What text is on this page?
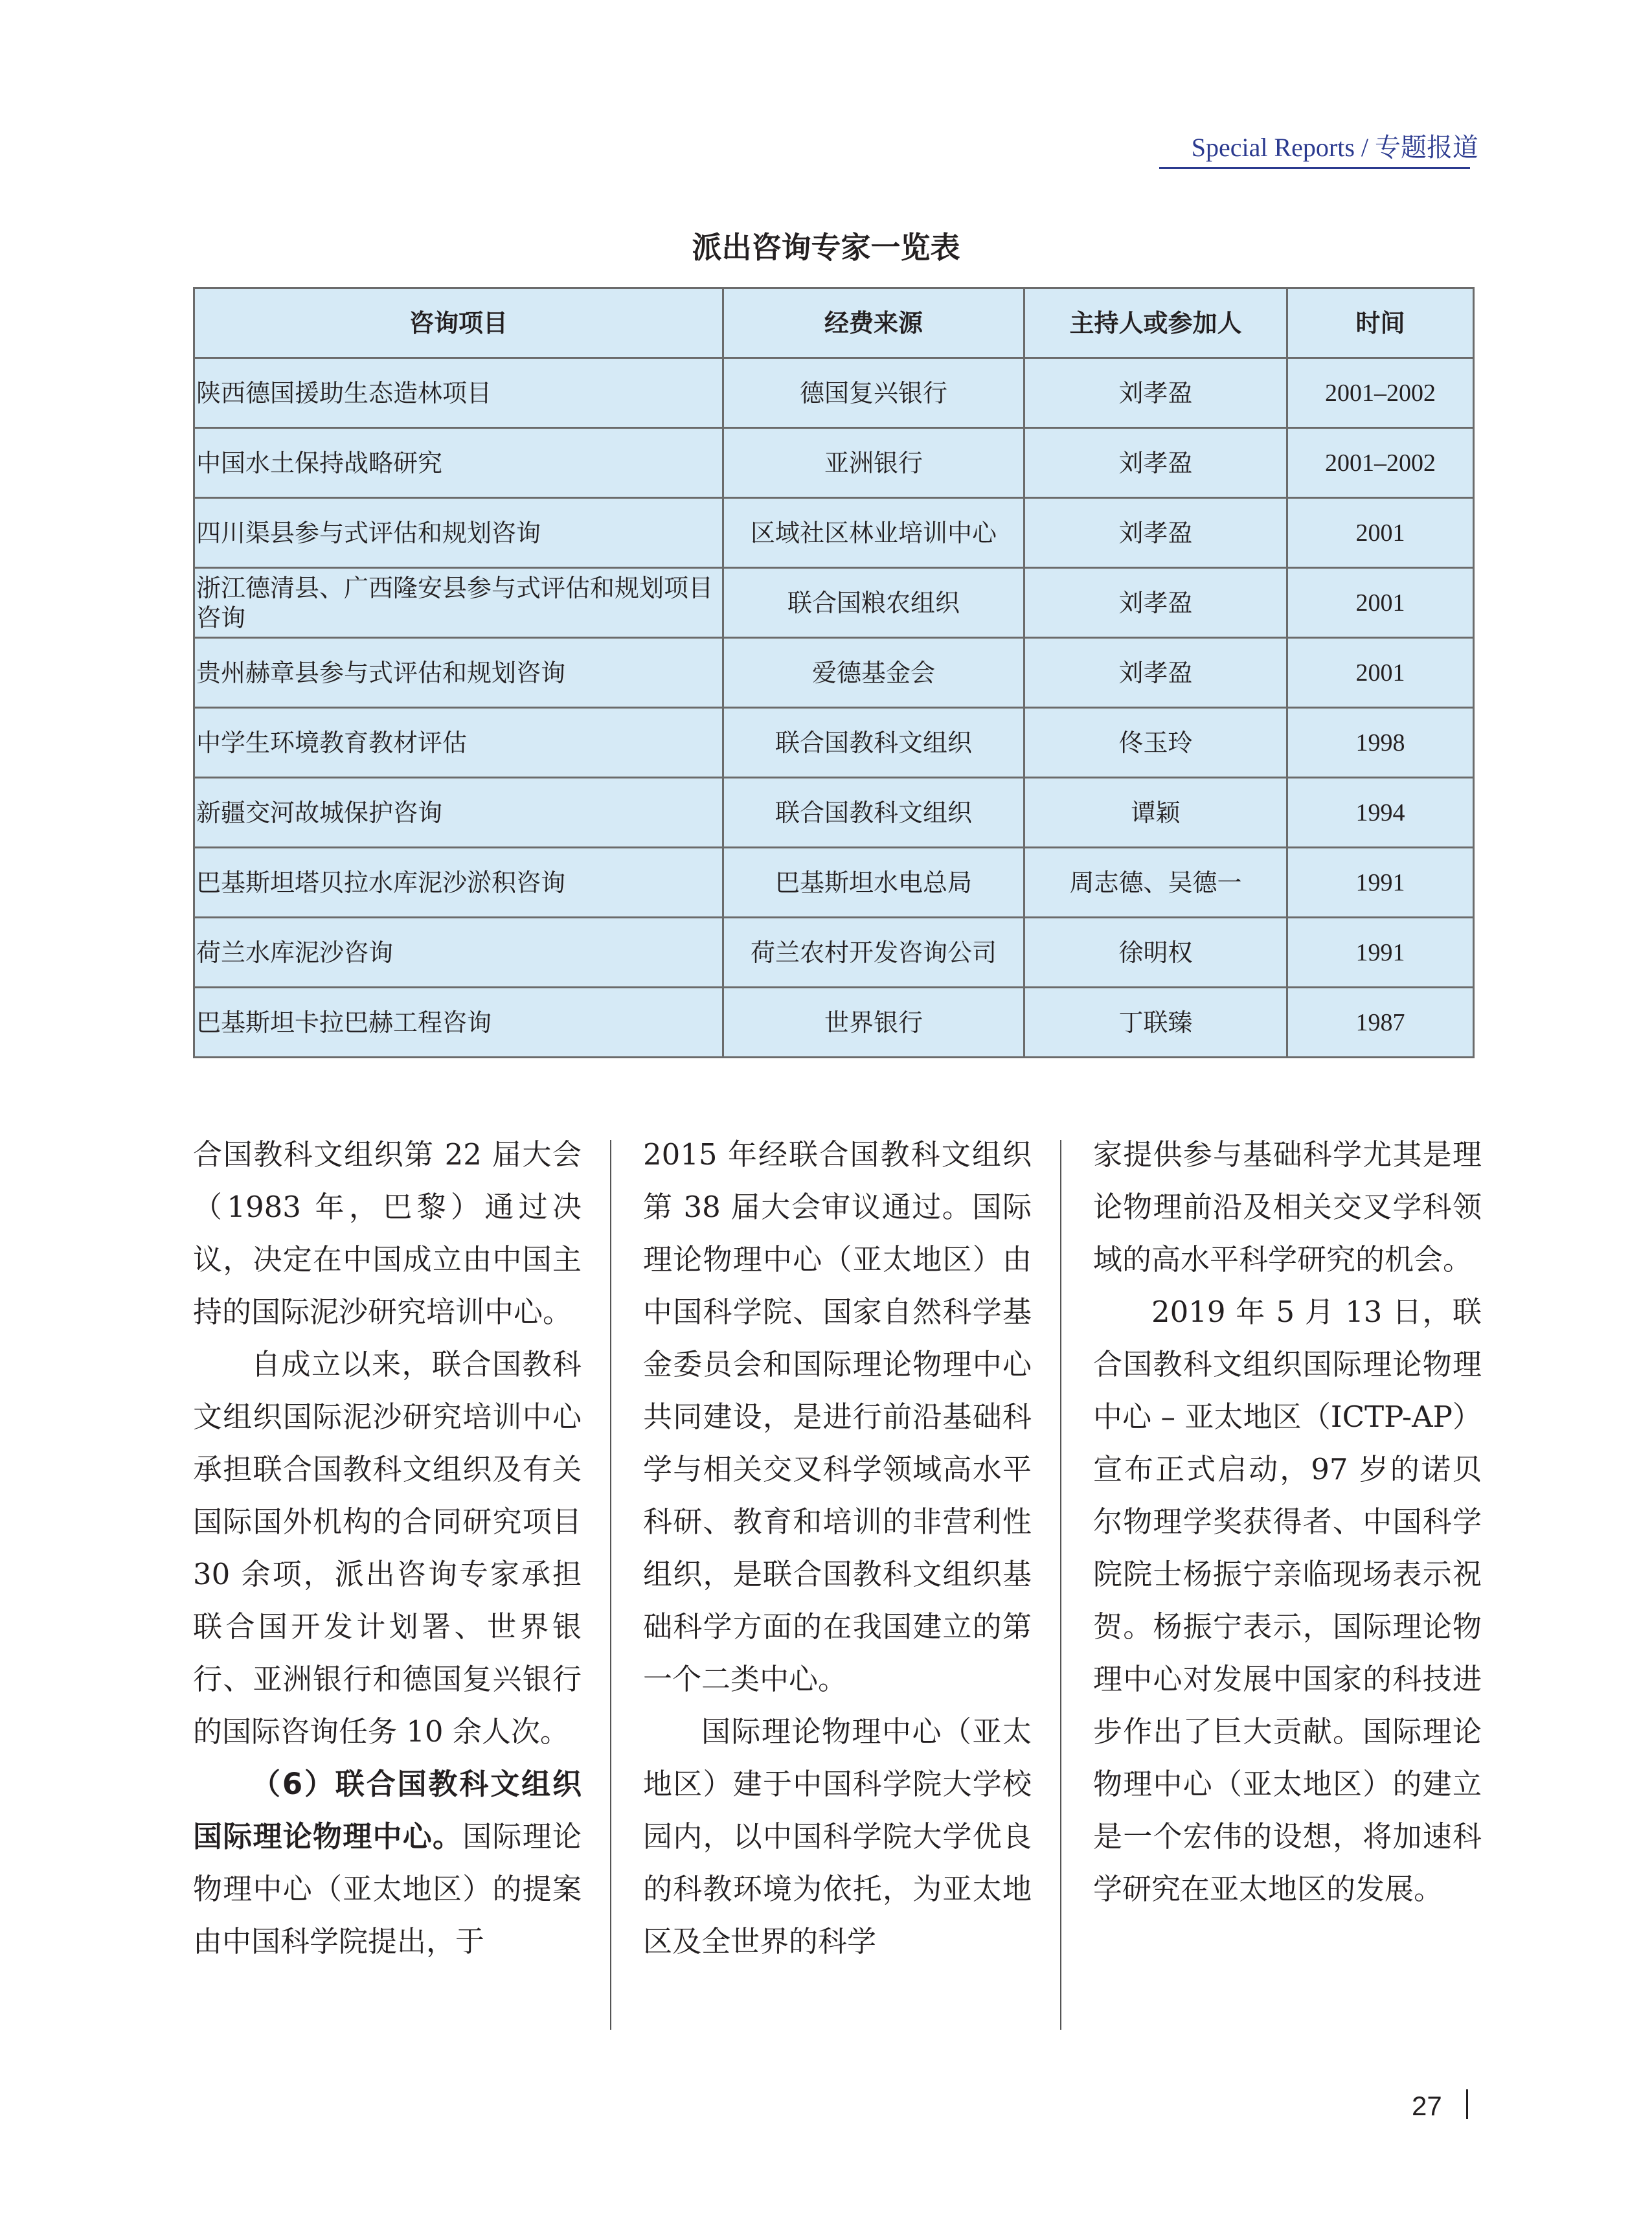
Special Reports / 专题报道
派出咨询专家一览表
咨询项目	经费来源	主持人或参加人	时间
陕西德国援助生态造林项目	德国复兴银行	刘孝盈	2001–2002
中国水土保持战略研究	亚洲银行	刘孝盈	2001–2002
四川渠县参与式评估和规划咨询	区域社区林业培训中心	刘孝盈	2001
浙江德清县、广西隆安县参与式评估和规划项目咨询	联合国粮农组织	刘孝盈	2001
贵州赫章县参与式评估和规划咨询	爱德基金会	刘孝盈	2001
中学生环境教育教材评估	联合国教科文组织	佟玉玲	1998
新疆交河故城保护咨询	联合国教科文组织	谭颖	1994
巴基斯坦塔贝拉水库泥沙淤积咨询	巴基斯坦水电总局	周志德、吴德一	1991
荷兰水库泥沙咨询	荷兰农村开发咨询公司	徐明权	1991
巴基斯坦卡拉巴赫工程咨询	世界银行	丁联臻	1987

合国教科文组织第 22 届大会（1983 年，巴黎）通过决议，决定在中国成立由中国主持的国际泥沙研究培训中心。

自成立以来，联合国教科文组织国际泥沙研究培训中心承担联合国教科文组织及有关国际国外机构的合同研究项目 30 余项，派出咨询专家承担联合国开发计划署、世界银行、亚洲银行和德国复兴银行的国际咨询任务 10 余人次。

（6）联合国教科文组织国际理论物理中心。国际理论物理中心（亚太地区）的提案由中国科学院提出，于

2015 年经联合国教科文组织第 38 届大会审议通过。国际理论物理中心（亚太地区）由中国科学院、国家自然科学基金委员会和国际理论物理中心共同建设，是进行前沿基础科学与相关交叉科学领域高水平科研、教育和培训的非营利性组织，是联合国教科文组织基础科学方面的在我国建立的第一个二类中心。

国际理论物理中心（亚太地区）建于中国科学院大学校园内，以中国科学院大学优良的科教环境为依托，为亚太地区及全世界的科学

家提供参与基础科学尤其是理论物理前沿及相关交叉学科领域的高水平科学研究的机会。

2019 年 5 月 13 日，联合国教科文组织国际理论物理中心 – 亚太地区（ICTP-AP）宣布正式启动，97 岁的诺贝尔物理学奖获得者、中国科学院院士杨振宁亲临现场表示祝贺。杨振宁表示，国际理论物理中心对发展中国家的科技进步作出了巨大贡献。国际理论物理中心（亚太地区）的建立是一个宏伟的设想，将加速科学研究在亚太地区的发展。

27
